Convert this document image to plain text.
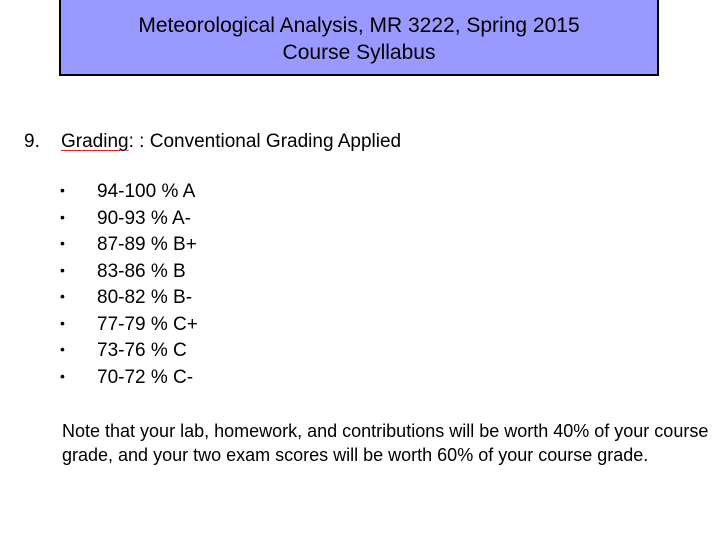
Meteorological Analysis, MR 3222, Spring 2015
Course Syllabus
9. Grading: : Conventional Grading Applied
• 94-100 % A
• 90-93 % A-
• 87-89 % B+
• 83-86 % B
• 80-82 % B-
• 77-79 % C+
• 73-76 % C
• 70-72 % C-

Note that your lab, homework, and contributions will be worth 40% of your course grade, and your two exam scores will be worth 60% of your course grade.
